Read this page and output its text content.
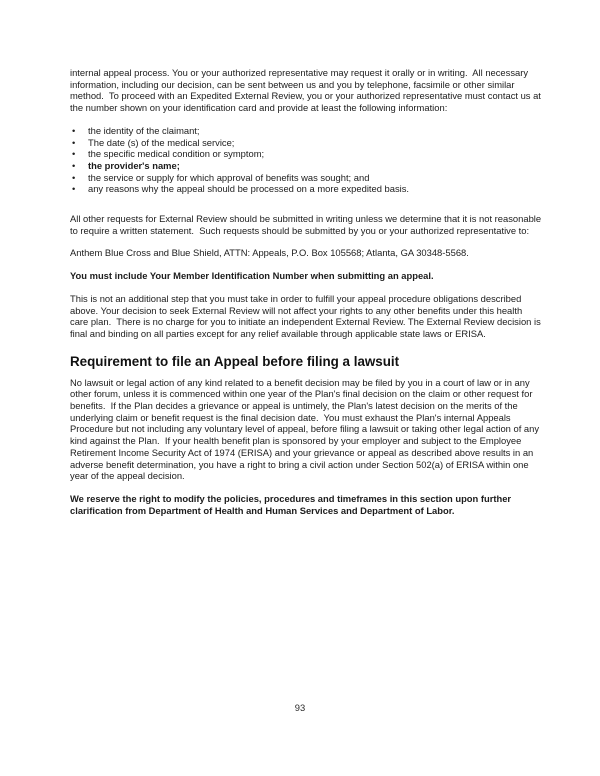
internal appeal process. You or your authorized representative may request it orally or in writing.  All necessary information, including our decision, can be sent between us and you by telephone, facsimile or other similar method.  To proceed with an Expedited External Review, you or your authorized representative must contact us at the number shown on your identification card and provide at least the following information:

• the identity of the claimant;
• The date (s) of the medical service;
• the specific medical condition or symptom;
• the provider's name;
• the service or supply for which approval of benefits was sought; and
• any reasons why the appeal should be processed on a more expedited basis.

All other requests for External Review should be submitted in writing unless we determine that it is not reasonable to require a written statement.  Such requests should be submitted by you or your authorized representative to:

Anthem Blue Cross and Blue Shield, ATTN: Appeals, P.O. Box 105568; Atlanta, GA 30348-5568.

You must include Your Member Identification Number when submitting an appeal.

This is not an additional step that you must take in order to fulfill your appeal procedure obligations described above. Your decision to seek External Review will not affect your rights to any other benefits under this health care plan.  There is no charge for you to initiate an independent External Review. The External Review decision is final and binding on all parties except for any relief available through applicable state laws or ERISA.

Requirement to file an Appeal before filing a lawsuit

No lawsuit or legal action of any kind related to a benefit decision may be filed by you in a court of law or in any other forum, unless it is commenced within one year of the Plan's final decision on the claim or other request for benefits.  If the Plan decides a grievance or appeal is untimely, the Plan's latest decision on the merits of the underlying claim or benefit request is the final decision date.  You must exhaust the Plan's internal Appeals Procedure but not including any voluntary level of appeal, before filing a lawsuit or taking other legal action of any kind against the Plan.  If your health benefit plan is sponsored by your employer and subject to the Employee Retirement Income Security Act of 1974 (ERISA) and your grievance or appeal as described above results in an adverse benefit determination, you have a right to bring a civil action under Section 502(a) of ERISA within one year of the appeal decision.

We reserve the right to modify the policies, procedures and timeframes in this section upon further clarification from Department of Health and Human Services and Department of Labor.

93
